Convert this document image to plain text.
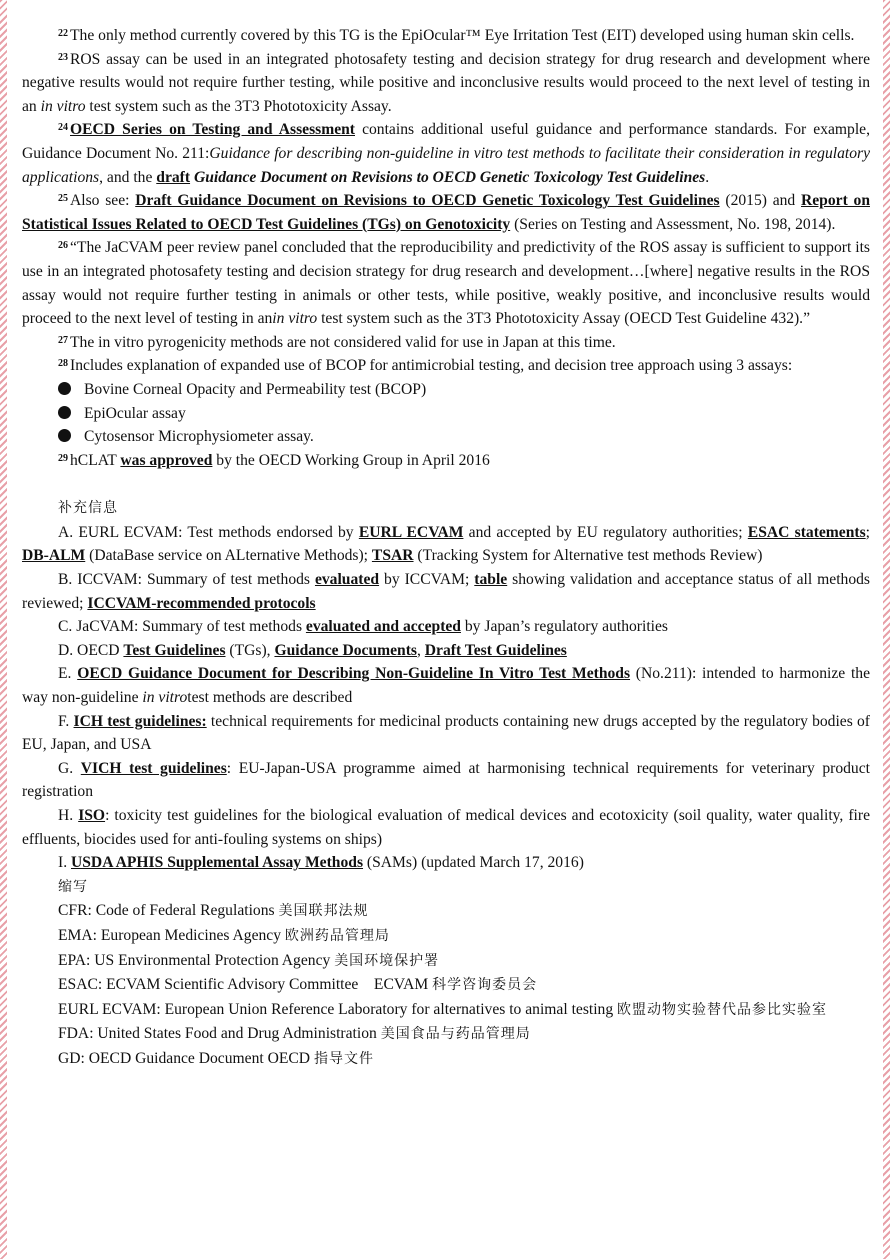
$^{22}$ The only method currently covered by this TG is the EpiOcular™ Eye Irritation Test (EIT) developed using human skin cells.

$^{23}$ ROS assay can be used in an integrated photosafety testing and decision strategy for drug research and development where negative results would not require further testing, while positive and inconclusive results would proceed to the next level of testing in an in vitro test system such as the 3T3 Phototoxicity Assay.

$^{24}$ OECD Series on Testing and Assessment contains additional useful guidance and performance standards. For example, Guidance Document No. 211:Guidance for describing non-guideline in vitro test methods to facilitate their consideration in regulatory applications, and the draft Guidance Document on Revisions to OECD Genetic Toxicology Test Guidelines.

$^{25}$ Also see: Draft Guidance Document on Revisions to OECD Genetic Toxicology Test Guidelines (2015) and Report on Statistical Issues Related to OECD Test Guidelines (TGs) on Genotoxicity (Series on Testing and Assessment, No. 198, 2014).

$^{26}$ “The JaCVAM peer review panel concluded that the reproducibility and predictivity of the ROS assay is sufficient to support its use in an integrated photosafety testing and decision strategy for drug research and development…[where] negative results in the ROS assay would not require further testing in animals or other tests, while positive, weakly positive, and inconclusive results would proceed to the next level of testing in anin vitro test system such as the 3T3 Phototoxicity Assay (OECD Test Guideline 432).”

$^{27}$ The in vitro pyrogenicity methods are not considered valid for use in Japan at this time.

$^{28}$ Includes explanation of expanded use of BCOP for antimicrobial testing, and decision tree approach using 3 assays:

Bovine Corneal Opacity and Permeability test (BCOP)

EpiOcular assay

Cytosensor Microphysiometer assay.

$^{29}$ hCLAT was approved by the OECD Working Group in April 2016

补充信息

A. EURL ECVAM: Test methods endorsed by EURL ECVAM and accepted by EU regulatory authorities; ESAC statements; DB-ALM (DataBase service on ALternative Methods); TSAR (Tracking System for Alternative test methods Review)

B. ICCVAM: Summary of test methods evaluated by ICCVAM; table showing validation and acceptance status of all methods reviewed; ICCVAM-recommended protocols

C. JaCVAM: Summary of test methods evaluated and accepted by Japan’s regulatory authorities

D. OECD Test Guidelines (TGs), Guidance Documents, Draft Test Guidelines

E. OECD Guidance Document for Describing Non-Guideline In Vitro Test Methods (No.211): intended to harmonize the way non-guideline in vitrotest methods are described

F. ICH test guidelines: technical requirements for medicinal products containing new drugs accepted by the regulatory bodies of EU, Japan, and USA

G. VICH test guidelines: EU-Japan-USA programme aimed at harmonising technical requirements for veterinary product registration

H. ISO: toxicity test guidelines for the biological evaluation of medical devices and ecotoxicity (soil quality, water quality, fire effluents, biocides used for anti-fouling systems on ships)

I. USDA APHIS Supplemental Assay Methods (SAMs) (updated March 17, 2016)

缩写

CFR: Code of Federal Regulations 美国联邦法规

EMA: European Medicines Agency 欧洲药品管理局

EPA: US Environmental Protection Agency 美国环境保护署

ESAC: ECVAM Scientific Advisory Committee    ECVAM 科学咨询委员会

EURL ECVAM: European Union Reference Laboratory for alternatives to animal testing 欧盟动物实验替代品参比实验室

FDA: United States Food and Drug Administration 美国食品与药品管理局

GD: OECD Guidance Document OECD 指导文件
